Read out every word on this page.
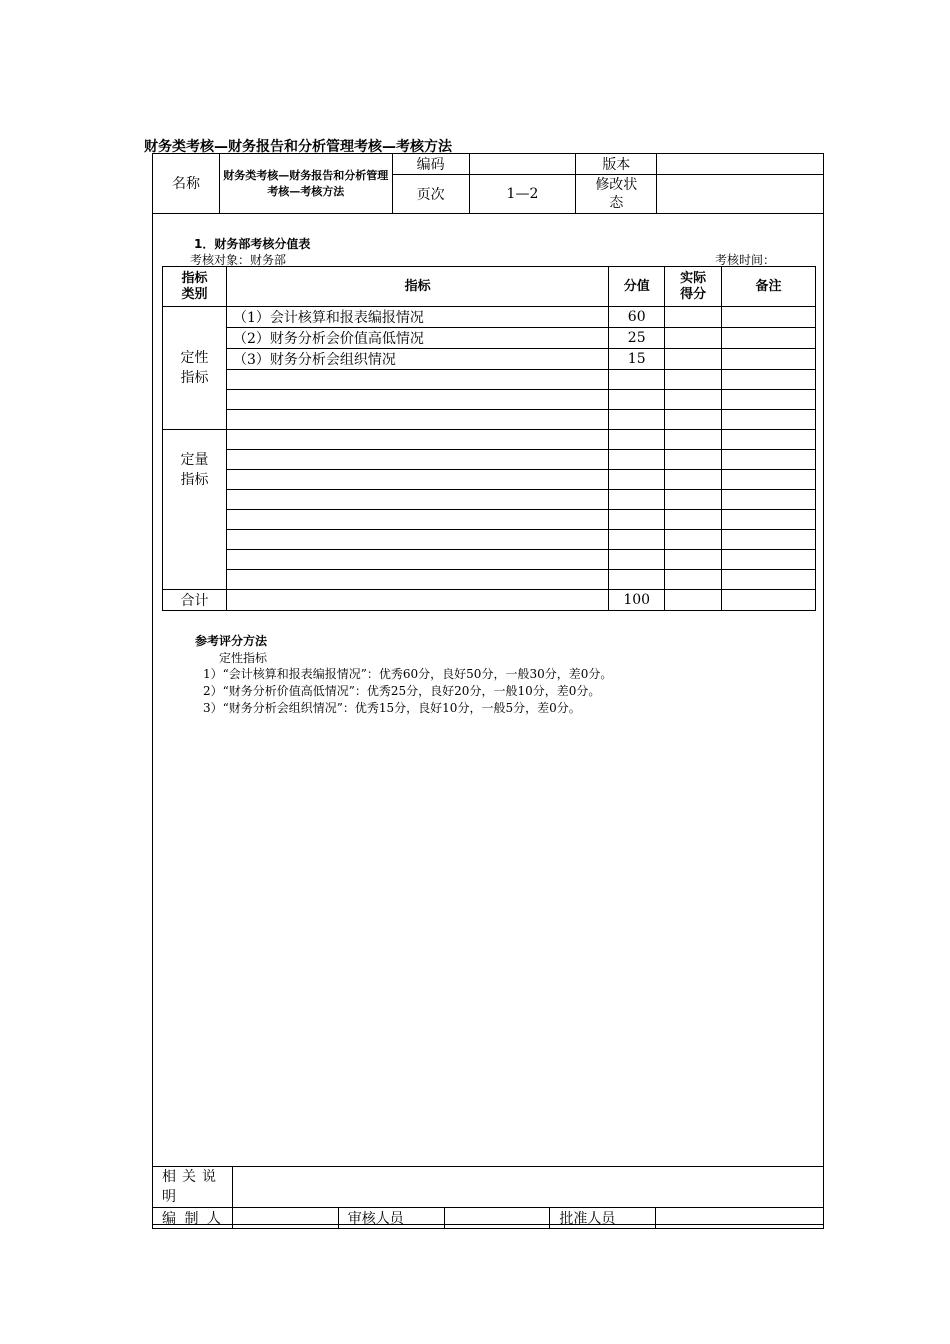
财务类考核—财务报告和分析管理考核—考核方法
名称	财务类考核—财务报告和分析管理考核—考核方法	编码		版本	
		页次	1—2	修改状态	
1．财务部考核分值表
考核对象：财务部	考核时间：
指标类别	指标	分值	实际得分	备注
定性指标	（1）会计核算和报表编报情况	60		
	（2）财务分析会价值高低情况	25		
	（3）财务分析会组织情况	15		

定量指标				

合计		100		
参考评分方法
定性指标
1）“会计核算和报表编报情况”：优秀60分，良好50分，一般30分，差0分。
2）“财务分析价值高低情况”：优秀25分，良好20分，一般10分，差0分。
3）“财务分析会组织情况”：优秀15分，良好10分，一般5分，差0分。
相关说明					
编 制 人		审核人员		批准人员	
